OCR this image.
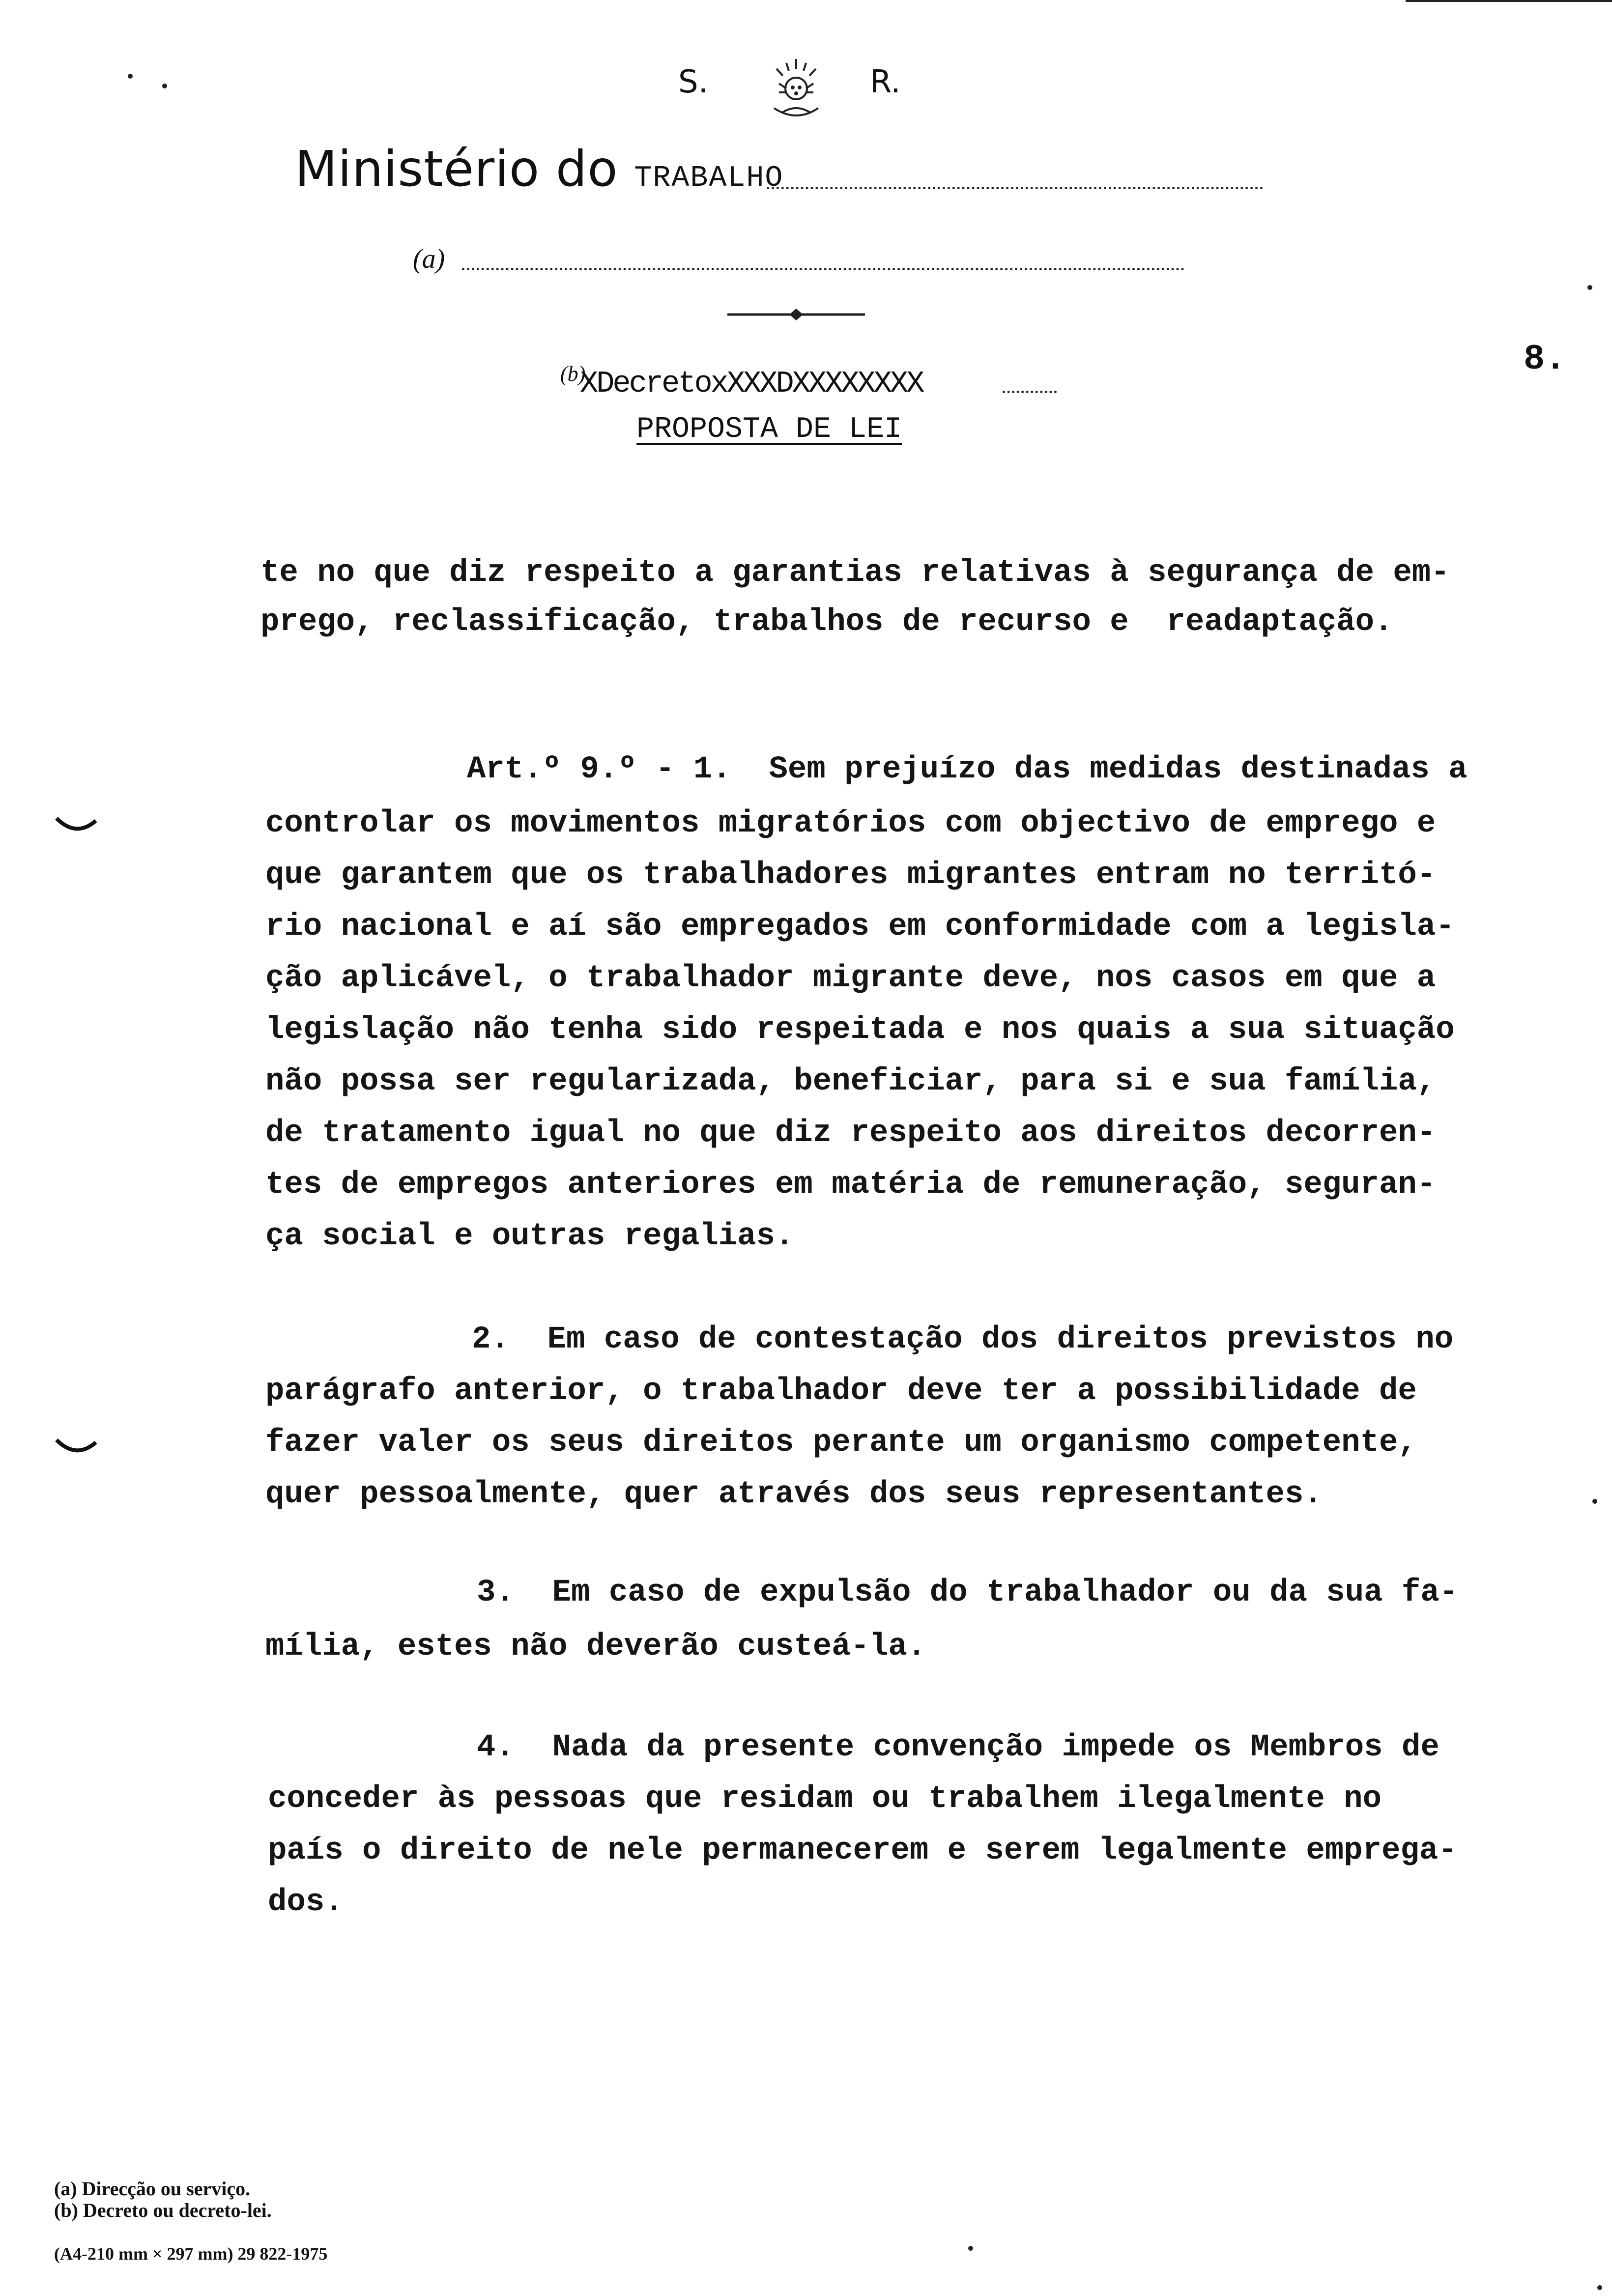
S.	R.
Ministério do TRABALHO
(a)
8.
(b)
XDecretoxXXXDXXXXXXXX
PROPOSTA DE LEI
te no que diz respeito a garantias relativas à segurança de em-
prego, reclassificação, trabalhos de recurso e  readaptação.
Art.º 9.º - 1.  Sem prejuízo das medidas destinadas a
controlar os movimentos migratórios com objectivo de emprego e
que garantem que os trabalhadores migrantes entram no territó-
rio nacional e aí são empregados em conformidade com a legisla-
ção aplicável, o trabalhador migrante deve, nos casos em que a
legislação não tenha sido respeitada e nos quais a sua situação
não possa ser regularizada, beneficiar, para si e sua família,
de tratamento igual no que diz respeito aos direitos decorren-
tes de empregos anteriores em matéria de remuneração, seguran-
ça social e outras regalias.
2.  Em caso de contestação dos direitos previstos no
parágrafo anterior, o trabalhador deve ter a possibilidade de
fazer valer os seus direitos perante um organismo competente,
quer pessoalmente, quer através dos seus representantes.
3.  Em caso de expulsão do trabalhador ou da sua fa-
mília, estes não deverão custeá-la.
4.  Nada da presente convenção impede os Membros de
conceder às pessoas que residam ou trabalhem ilegalmente no
país o direito de nele permanecerem e serem legalmente emprega-
dos.
(a) Direcção ou serviço.
(b) Decreto ou decreto-lei.
(A4-210 mm × 297 mm) 29 822-1975
